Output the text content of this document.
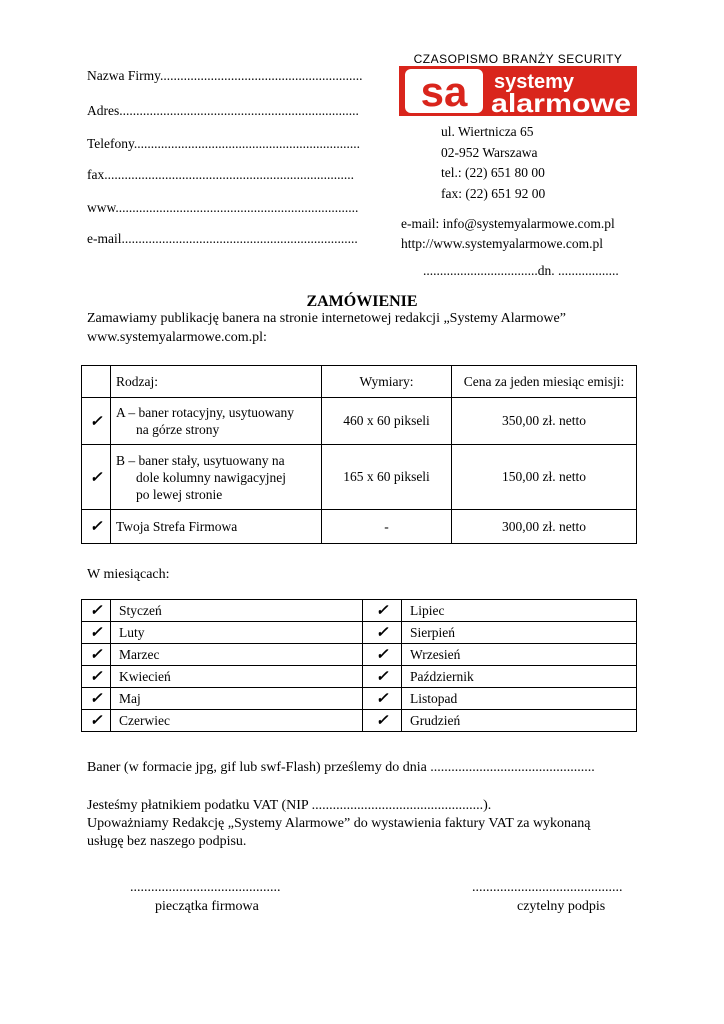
Nazwa Firmy............................................................
Adres.......................................................................
Telefony...................................................................
fax..........................................................................
www........................................................................
e-mail......................................................................
CZASOPISMO BRANŻY SECURITY
sa systemy
alarmowe
ul. Wiertnicza 65
02-952 Warszawa
tel.: (22) 651 80 00
fax: (22) 651 92 00
e-mail: info@systemyalarmowe.com.pl
http://www.systemyalarmowe.com.pl
..................................dn. ..................
ZAMÓWIENIE
Zamawiamy publikację banera na stronie internetowej redakcji „Systemy Alarmowe”
www.systemyalarmowe.com.pl:
	Rodzaj:	Wymiary:	Cena za jeden miesiąc emisji:
✓	A – baner rotacyjny, usytuowany
na górze strony	460 x 60 pikseli	350,00 zł. netto
✓	B – baner stały, usytuowany na
dole kolumny nawigacyjnej
po lewej stronie	165 x 60 pikseli	150,00 zł. netto
✓	Twoja Strefa Firmowa	-	300,00 zł. netto
W miesiącach:
✓	Styczeń	✓	Lipiec
✓	Luty	✓	Sierpień
✓	Marzec	✓	Wrzesień
✓	Kwiecień	✓	Październik
✓	Maj	✓	Listopad
✓	Czerwiec	✓	Grudzień
Baner (w formacie jpg, gif lub swf-Flash) prześlemy do dnia ...............................................
Jesteśmy płatnikiem podatku VAT (NIP .................................................).
Upoważniamy Redakcję „Systemy Alarmowe” do wystawienia faktury VAT za wykonaną
usługę bez naszego podpisu.
...........................................
pieczątka firmowa
...........................................
czytelny podpis
